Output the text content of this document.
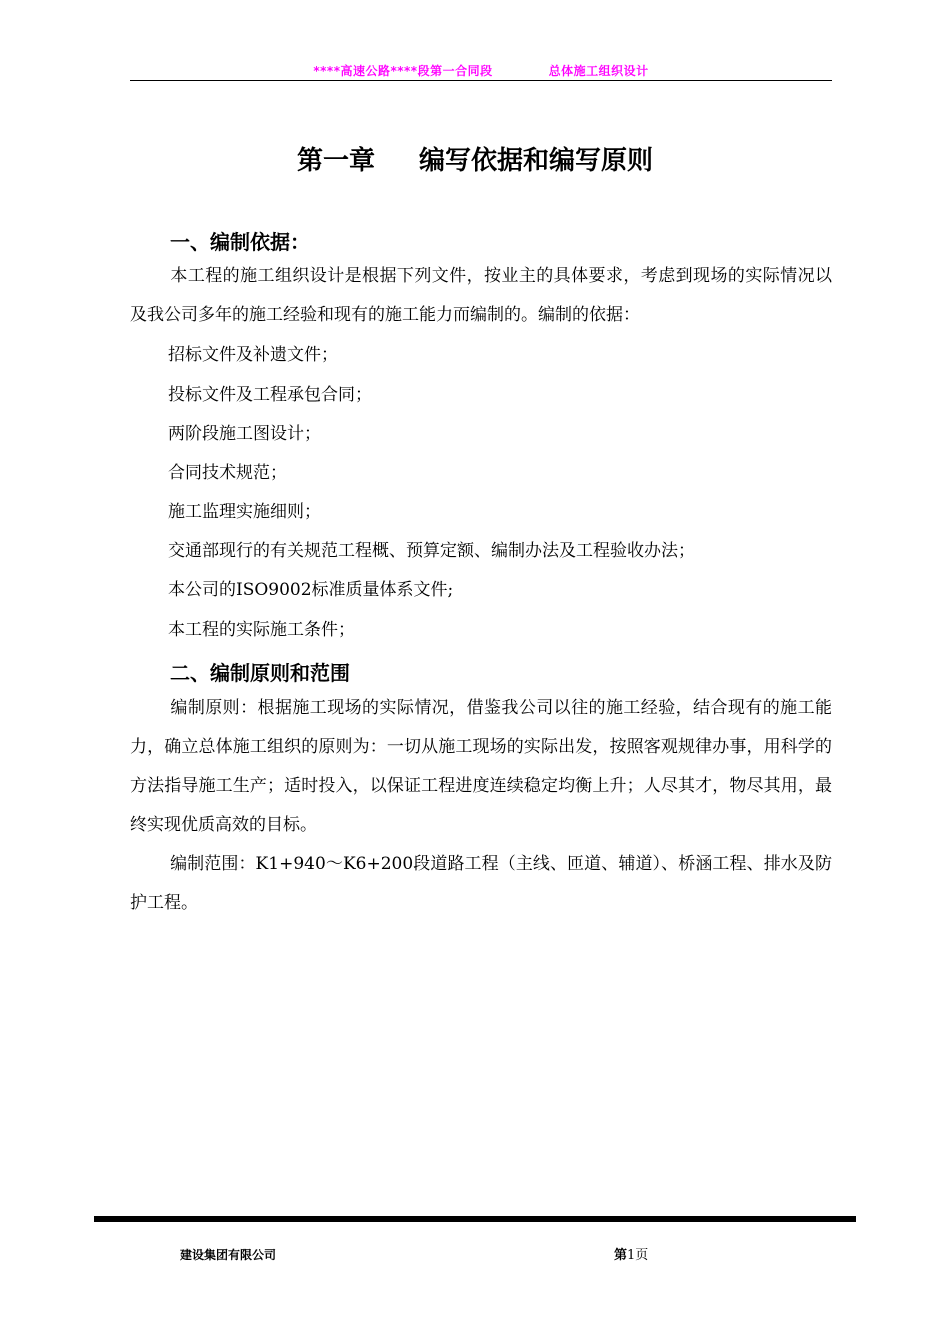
****高速公路****段第一合同段	总体施工组织设计
第一章 编写依据和编写原则
一、编制依据：
本工程的施工组织设计是根据下列文件，按业主的具体要求，考虑到现场的实际情况以及我公司多年的施工经验和现有的施工能力而编制的。编制的依据：
招标文件及补遗文件；
投标文件及工程承包合同；
两阶段施工图设计；
合同技术规范；
施工监理实施细则；
交通部现行的有关规范工程概、预算定额、编制办法及工程验收办法；
本公司的ISO9002标准质量体系文件;
本工程的实际施工条件；
二、编制原则和范围
编制原则：根据施工现场的实际情况，借鉴我公司以往的施工经验，结合现有的施工能力，确立总体施工组织的原则为：一切从施工现场的实际出发，按照客观规律办事，用科学的方法指导施工生产；适时投入，以保证工程进度连续稳定均衡上升；人尽其才，物尽其用，最终实现优质高效的目标。
编制范围：K1+940～K6+200段道路工程（主线、匝道、辅道）、桥涵工程、排水及防护工程。
建设集团有限公司	第1页
